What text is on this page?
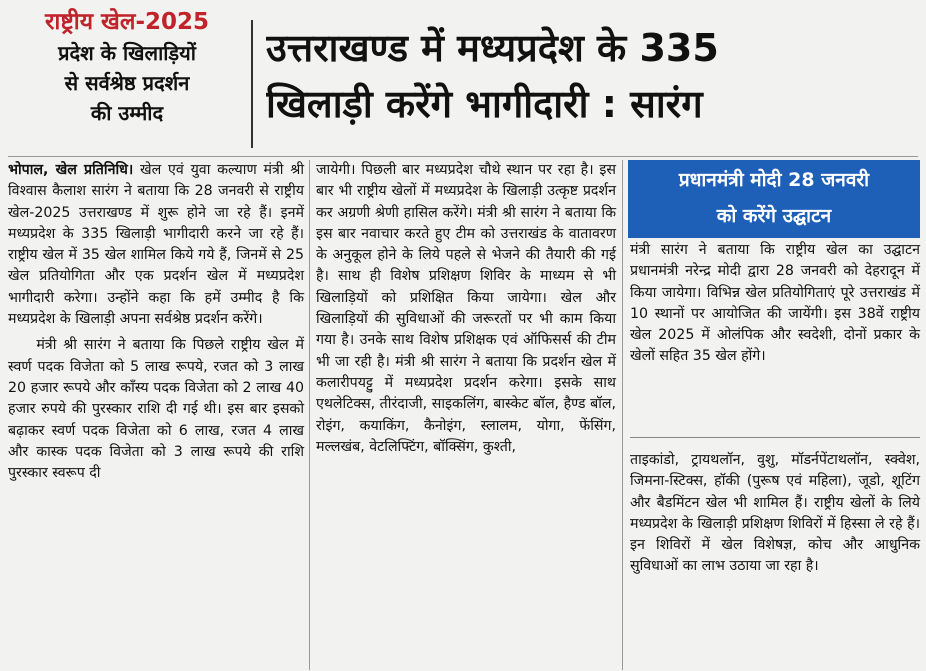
राष्ट्रीय खेल-2025
प्रदेश के खिलाड़ियों
से सर्वश्रेष्ठ प्रदर्शन
की उम्मीद
उत्तराखण्ड में मध्यप्रदेश के 335
खिलाड़ी करेंगे भागीदारी : सारंग

भोपाल, खेल प्रतिनिधि। खेल एवं युवा कल्याण मंत्री श्री विश्वास कैलाश सारंग ने बताया कि 28 जनवरी से राष्ट्रीय खेल-2025 उत्तराखण्ड में शुरू होने जा रहे हैं। इनमें मध्यप्रदेश के 335 खिलाड़ी भागीदारी करने जा रहे हैं। राष्ट्रीय खेल में 35 खेल शामिल किये गये हैं, जिनमें से 25 खेल प्रतियोगिता और एक प्रदर्शन खेल में मध्यप्रदेश भागीदारी करेगा। उन्होंने कहा कि हमें उम्मीद है कि मध्यप्रदेश के खिलाड़ी अपना सर्वश्रेष्ठ प्रदर्शन करेंगे।

मंत्री श्री सारंग ने बताया कि पिछले राष्ट्रीय खेल में स्वर्ण पदक विजेता को 5 लाख रूपये, रजत को 3 लाख 20 हजार रूपये और काँस्य पदक विजेता को 2 लाख 40 हजार रुपये की पुरस्कार राशि दी गई थी। इस बार इसको बढ़ाकर स्वर्ण पदक विजेता को 6 लाख, रजत 4 लाख और कास्क पदक विजेता को 3 लाख रूपये की राशि पुरस्कार स्वरूप दी

जायेगी। पिछली बार मध्यप्रदेश चौथे स्थान पर रहा है। इस बार भी राष्ट्रीय खेलों में मध्यप्रदेश के खिलाड़ी उत्कृष्ट प्रदर्शन कर अग्रणी श्रेणी हासिल करेंगे। मंत्री श्री सारंग ने बताया कि इस बार नवाचार करते हुए टीम को उत्तराखंड के वातावरण के अनुकूल होने के लिये पहले से भेजने की तैयारी की गई है। साथ ही विशेष प्रशिक्षण शिविर के माध्यम से भी खिलाड़ियों को प्रशिक्षित किया जायेगा। खेल और खिलाड़ियों की सुविधाओं की जरूरतों पर भी काम किया गया है। उनके साथ विशेष प्रशिक्षक एवं ऑफिसर्स की टीम भी जा रही है। मंत्री श्री सारंग ने बताया कि प्रदर्शन खेल में कलारीपयट्टु में मध्यप्रदेश प्रदर्शन करेगा। इसके साथ एथलेटिक्स, तीरंदाजी, साइकलिंग, बास्केट बॉल, हैण्ड बॉल, रोइंग, कयाकिंग, कैनोइंग, स्लालम, योगा, फेंसिंग, मल्लखंब, वेटलिफ्टिंग, बॉक्सिंग, कुश्ती,

प्रधानमंत्री मोदी 28 जनवरी
को करेंगे उद्घाटन

मंत्री सारंग ने बताया कि राष्ट्रीय खेल का उद्घाटन प्रधानमंत्री नरेन्द्र मोदी द्वारा 28 जनवरी को देहरादून में किया जायेगा। विभिन्न खेल प्रतियोगिताएं पूरे उत्तराखंड में 10 स्थानों पर आयोजित की जायेंगी। इस 38वें राष्ट्रीय खेल 2025 में ओलंपिक और स्वदेशी, दोनों प्रकार के खेलों सहित 35 खेल होंगे।

ताइकांडो, ट्रायथलॉन, वुशु, मॉडर्नपेंटाथलॉन, स्क्वेश, जिमना-स्टिक्स, हॉकी (पुरूष एवं महिला), जूडो, शूटिंग और बैडमिंटन खेल भी शामिल हैं। राष्ट्रीय खेलों के लिये मध्यप्रदेश के खिलाड़ी प्रशिक्षण शिविरों में हिस्सा ले रहे हैं। इन शिविरों में खेल विशेषज्ञ, कोच और आधुनिक सुविधाओं का लाभ उठाया जा रहा है।
